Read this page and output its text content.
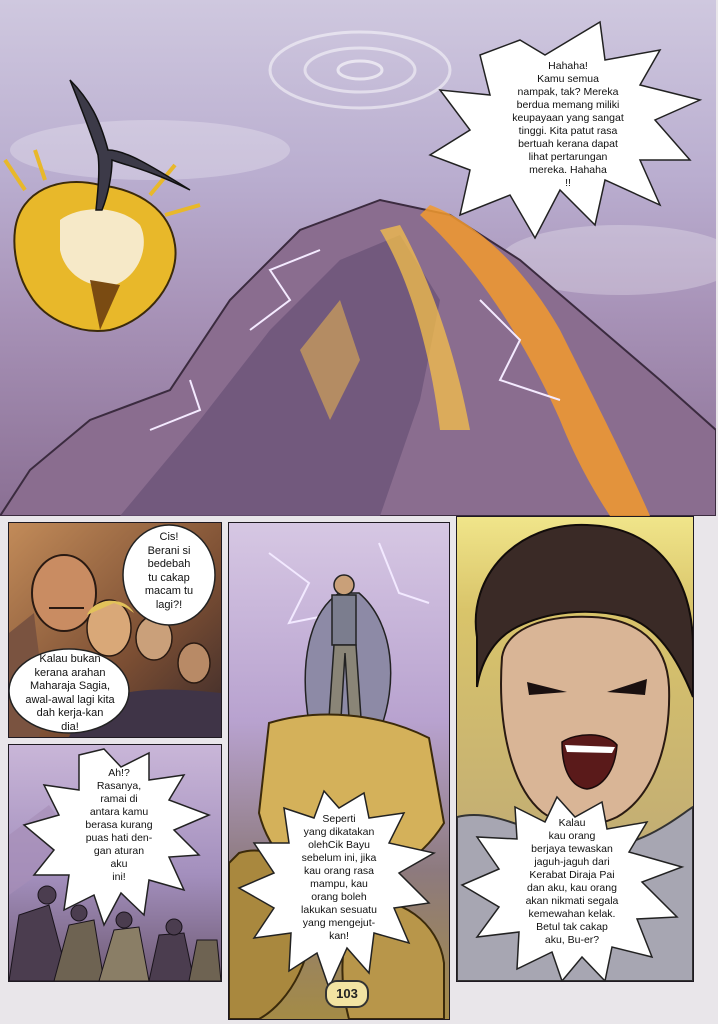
Hahaha!
Kamu semua
nampak, tak? Mereka
berdua memang miliki
keupayaan yang sangat
tinggi. Kita patut rasa
bertuah kerana dapat
lihat pertarungan
mereka. Hahaha
!!
Cis!
Berani si
bedebah
tu cakap
macam tu
lagi?!
Kalau bukan
kerana arahan
Maharaja Sagia,
awal-awal lagi kita
dah kerja-kan
dia!
Ah!?
Rasanya,
ramai di
antara kamu
berasa kurang
puas hati den-
gan aturan
aku
ini!
Seperti
yang dikatakan
olehCik Bayu
sebelum ini, jika
kau orang rasa
mampu, kau
orang boleh
lakukan sesuatu
yang mengejut-
kan!
Kalau
kau orang
berjaya tewaskan
jaguh-jaguh dari
Kerabat Diraja Pai
dan aku, kau orang
akan nikmati segala
kemewahan kelak.
Betul tak cakap
aku, Bu-er?
103
